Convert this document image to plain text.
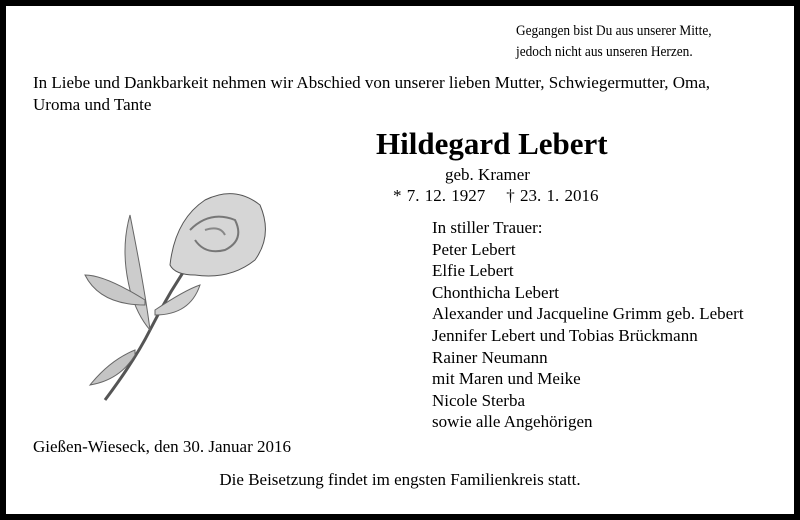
Gegangen bist Du aus unserer Mitte,
jedoch nicht aus unseren Herzen.
In Liebe und Dankbarkeit nehmen wir Abschied von unserer lieben Mutter, Schwiegermutter, Oma,
Uroma und Tante
Hildegard Lebert
geb. Kramer
* 7. 12. 1927 † 23. 1. 2016
In stiller Trauer:
Peter Lebert
Elfie Lebert
Chonthicha Lebert
Alexander und Jacqueline Grimm geb. Lebert
Jennifer Lebert und Tobias Brückmann
Rainer Neumann
mit Maren und Meike
Nicole Sterba
sowie alle Angehörigen
Gießen-Wieseck, den 30. Januar 2016
Die Beisetzung findet im engsten Familienkreis statt.
